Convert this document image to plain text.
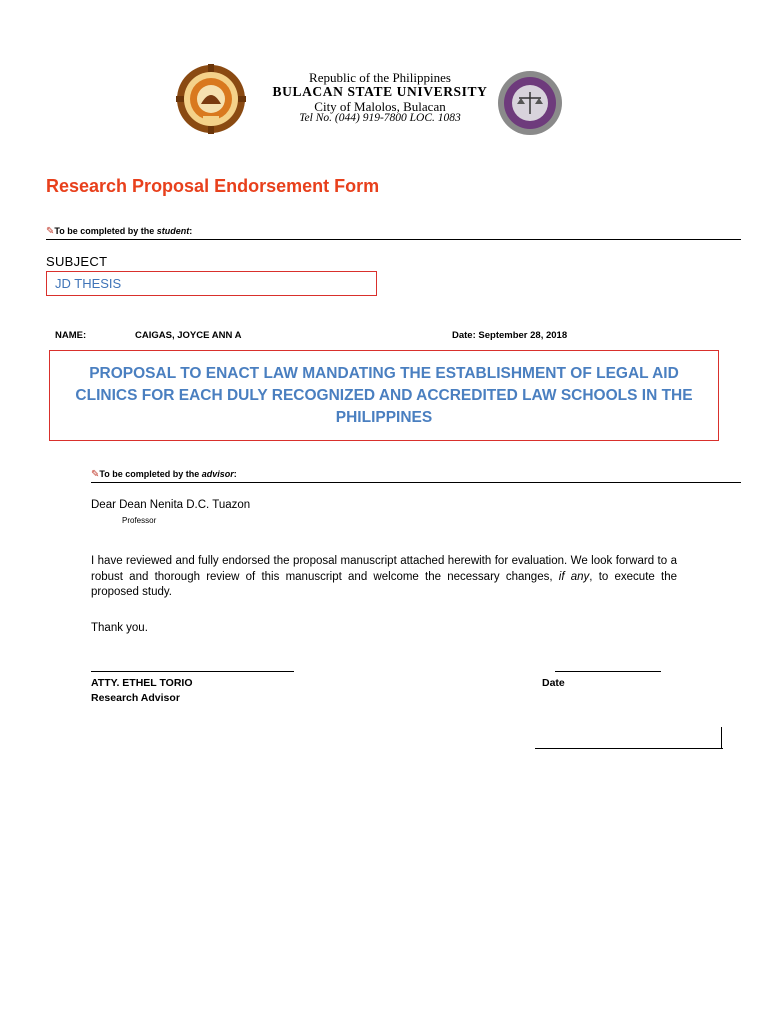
Republic of the Philippines
BULACAN STATE UNIVERSITY
City of Malolos, Bulacan
Tel No. (044) 919-7800 LOC. 1083
Research Proposal Endorsement Form
✎To be completed by the student:
SUBJECT
JD THESIS
NAME:	CAIGAS, JOYCE ANN A	Date: September 28, 2018
PROPOSAL TO ENACT LAW MANDATING THE ESTABLISHMENT OF LEGAL AID CLINICS FOR EACH DULY RECOGNIZED AND ACCREDITED LAW SCHOOLS IN THE PHILIPPINES
✎To be completed by the advisor:
Dear Dean Nenita D.C. Tuazon
Professor
I have reviewed and fully endorsed the proposal manuscript attached herewith for evaluation. We look forward to a robust and thorough review of this manuscript and welcome the necessary changes, if any, to execute the proposed study.
Thank you.
ATTY. ETHEL TORIO
Research Advisor
Date
